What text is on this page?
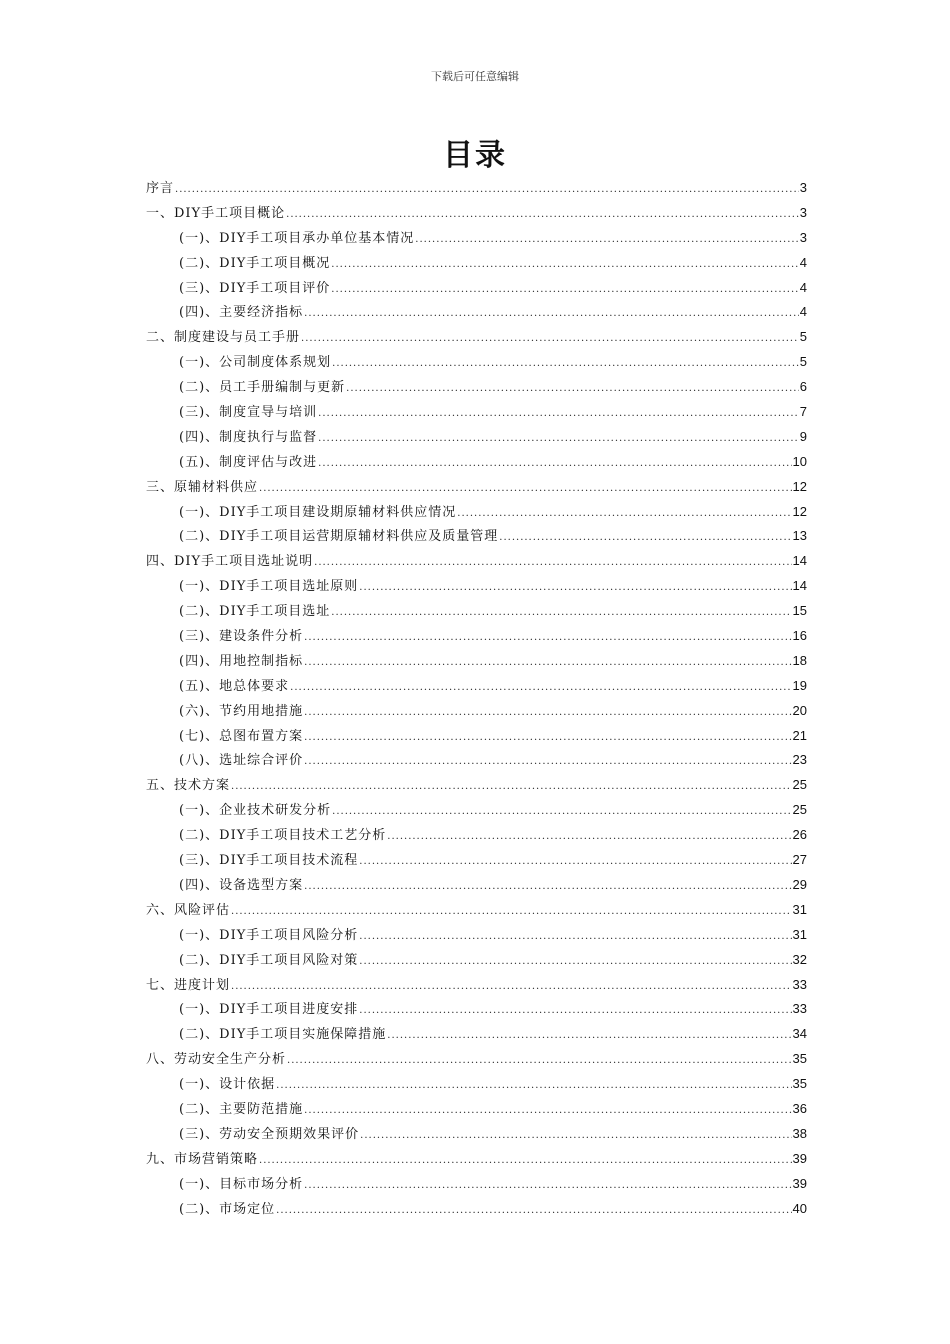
下载后可任意编辑
目录
序言 .....	3
一、DIY手工项目概论 .....	3
(一)、DIY手工项目承办单位基本情况 .....	3
(二)、DIY手工项目概况 .....	4
(三)、DIY手工项目评价 .....	4
(四)、主要经济指标 .....	4
二、制度建设与员工手册 .....	5
(一)、公司制度体系规划 .....	5
(二)、员工手册编制与更新 .....	6
(三)、制度宣导与培训 .....	7
(四)、制度执行与监督 .....	9
(五)、制度评估与改进 .....	10
三、原辅材料供应 .....	12
(一)、DIY手工项目建设期原辅材料供应情况 .....	12
(二)、DIY手工项目运营期原辅材料供应及质量管理 .....	13
四、DIY手工项目选址说明 .....	14
(一)、DIY手工项目选址原则 .....	14
(二)、DIY手工项目选址 .....	15
(三)、建设条件分析 .....	16
(四)、用地控制指标 .....	18
(五)、地总体要求 .....	19
(六)、节约用地措施 .....	20
(七)、总图布置方案 .....	21
(八)、选址综合评价 .....	23
五、技术方案 .....	25
(一)、企业技术研发分析 .....	25
(二)、DIY手工项目技术工艺分析 .....	26
(三)、DIY手工项目技术流程 .....	27
(四)、设备选型方案 .....	29
六、风险评估 .....	31
(一)、DIY手工项目风险分析 .....	31
(二)、DIY手工项目风险对策 .....	32
七、进度计划 .....	33
(一)、DIY手工项目进度安排 .....	33
(二)、DIY手工项目实施保障措施 .....	34
八、劳动安全生产分析 .....	35
(一)、设计依据 .....	35
(二)、主要防范措施 .....	36
(三)、劳动安全预期效果评价 .....	38
九、市场营销策略 .....	39
(一)、目标市场分析 .....	39
(二)、市场定位 .....	40
